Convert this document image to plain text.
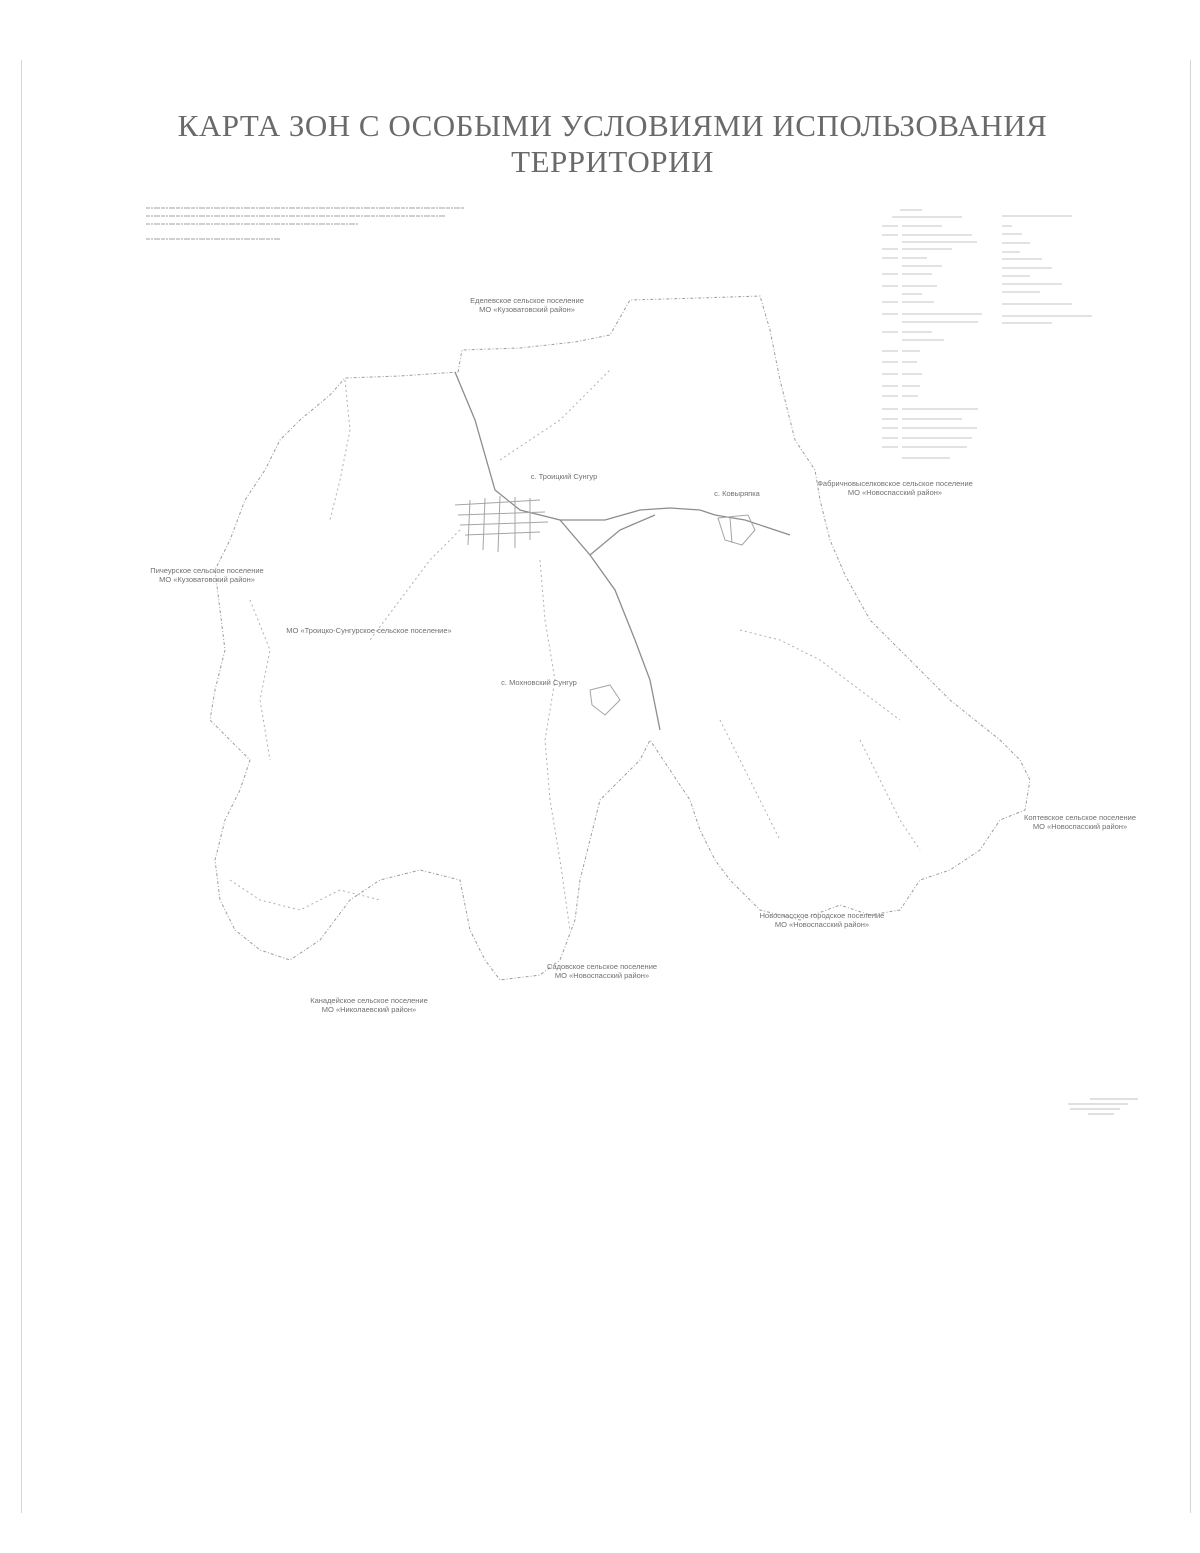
КАРТА ЗОН С ОСОБЫМИ УСЛОВИЯМИ ИСПОЛЬЗОВАНИЯ
ТЕРРИТОРИИ
с. Троицкий Сунгур
с. Ковыряпка
с. Мохновский Сунгур
МО «Троицко-Сунгурское сельское поселение»
Еделевское сельское поселение
МО «Кузоватовский район»
Фабричновыселковское сельское поселение
МО «Новоспасский район»
Пичеурское сельское поселение
МО «Кузоватовский район»
Коптевское сельское поселение
МО «Новоспасский район»
Новоспасское городское поселение
МО «Новоспасский район»
Садовское сельское поселение
МО «Новоспасский район»
Канадейское сельское поселение
МО «Николаевский район»
